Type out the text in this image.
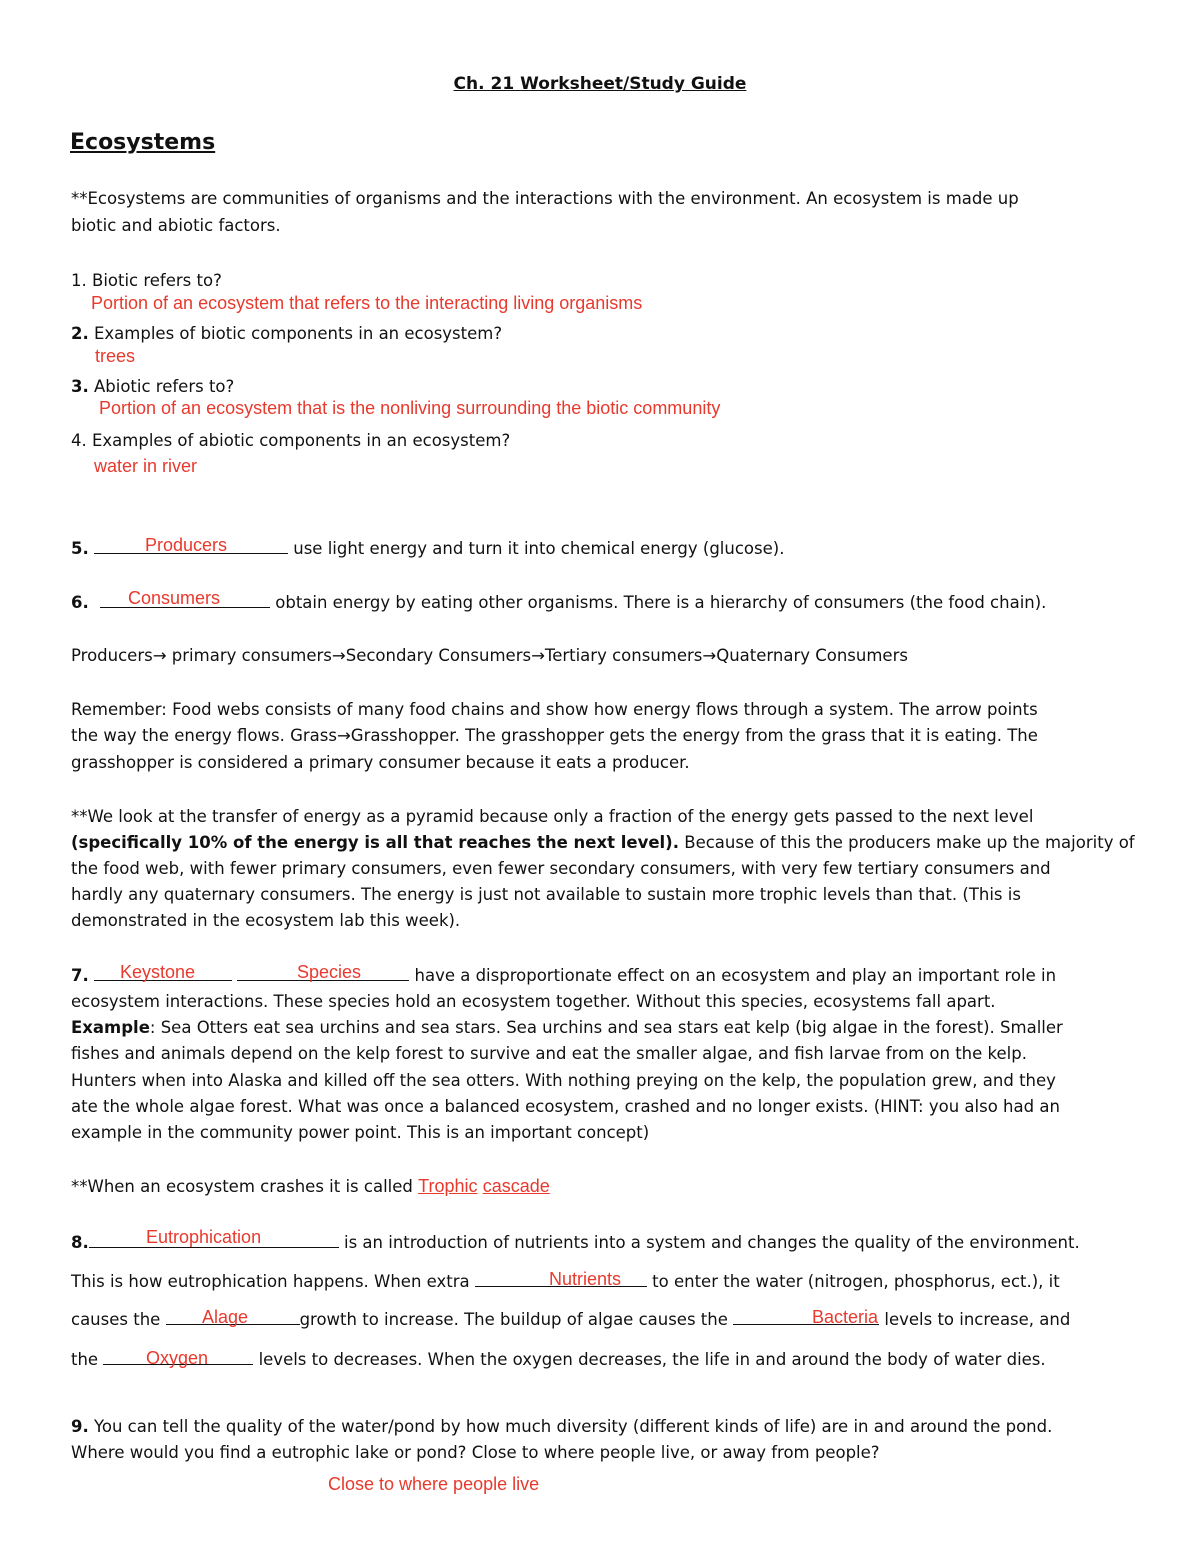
Ch. 21 Worksheet/Study Guide
Ecosystems
**Ecosystems are communities of organisms and the interactions with the environment. An ecosystem is made up
biotic and abiotic factors.
1. Biotic refers to?
Portion of an ecosystem that refers to the interacting living organisms
2. Examples of biotic components in an ecosystem?
trees
3. Abiotic refers to?
Portion of an ecosystem that is the nonliving surrounding the biotic community
4. Examples of abiotic components in an ecosystem?
water in river
5.	use light energy and turn it into chemical energy (glucose).
Producers
6.	obtain energy by eating other organisms. There is a hierarchy of consumers (the food chain).
Consumers
Producers→ primary consumers→Secondary Consumers→Tertiary consumers→Quaternary Consumers
Remember: Food webs consists of many food chains and show how energy flows through a system. The arrow points
the way the energy flows. Grass→Grasshopper. The grasshopper gets the energy from the grass that it is eating. The
grasshopper is considered a primary consumer because it eats a producer.
**We look at the transfer of energy as a pyramid because only a fraction of the energy gets passed to the next level
(specifically 10% of the energy is all that reaches the next level). Because of this the producers make up the majority of
the food web, with fewer primary consumers, even fewer secondary consumers, with very few tertiary consumers and
hardly any quaternary consumers. The energy is just not available to sustain more trophic levels than that. (This is
demonstrated in the ecosystem lab this week).
7.	have a disproportionate effect on an ecosystem and play an important role in
Keystone	Species
ecosystem interactions. These species hold an ecosystem together. Without this species, ecosystems fall apart.
Example: Sea Otters eat sea urchins and sea stars. Sea urchins and sea stars eat kelp (big algae in the forest). Smaller
fishes and animals depend on the kelp forest to survive and eat the smaller algae, and fish larvae from on the kelp.
Hunters when into Alaska and killed off the sea otters. With nothing preying on the kelp, the population grew, and they
ate the whole algae forest. What was once a balanced ecosystem, crashed and no longer exists. (HINT: you also had an
example in the community power point. This is an important concept)
**When an ecosystem crashes it is called Trophic cascade
8.	is an introduction of nutrients into a system and changes the quality of the environment.
Eutrophication
This is how eutrophication happens. When extra	to enter the water (nitrogen, phosphorus, ect.), it
Nutrients
causes the	growth to increase. The buildup of algae causes the	levels to increase, and
Alage	Bacteria
the	levels to decreases. When the oxygen decreases, the life in and around the body of water dies.
Oxygen
9. You can tell the quality of the water/pond by how much diversity (different kinds of life) are in and around the pond.
Where would you find a eutrophic lake or pond? Close to where people live, or away from people?
Close to where people live
